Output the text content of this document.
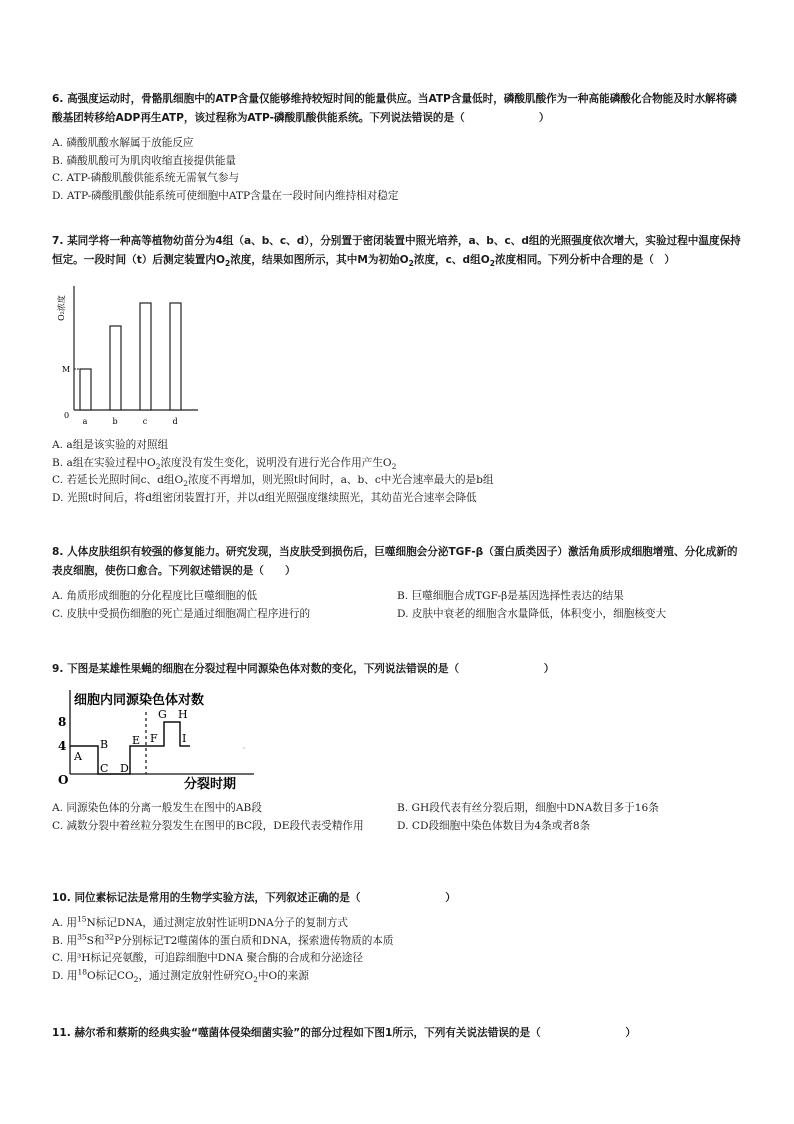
6. 高强度运动时，骨骼肌细胞中的ATP含量仅能够维持较短时间的能量供应。当ATP含量低时，磷酸肌酸作为一种高能磷酸化合物能及时水解将磷酸基团转移给ADP再生ATP，该过程称为ATP-磷酸肌酸供能系统。下列说法错误的是（　　　　　　　）

A. 磷酸肌酸水解属于放能反应

B. 磷酸肌酸可为肌肉收缩直接提供能量

C. ATP-磷酸肌酸供能系统无需氧气参与

D. ATP-磷酸肌酸供能系统可使细胞中ATP含量在一段时间内维持相对稳定

7. 某同学将一种高等植物幼苗分为4组（a、b、c、d），分别置于密闭装置中照光培养，a、b、c、d组的光照强度依次增大，实验过程中温度保持恒定。一段时间（t）后测定装置内$O_2$浓度，结果如图所示，其中M为初始$O_2$浓度，c、d组$O_2$浓度相同。下列分析中合理的是（　）

O₂浓度
0
M
a	b	c	d

A. a组是该实验的对照组

B. a组在实验过程中$O_2$浓度没有发生变化，说明没有进行光合作用产生$O_2$

C. 若延长光照时间c、d组$O_2$浓度不再增加，则光照t时间时，a、b、c中光合速率最大的是b组

D. 光照t时间后，将d组密闭装置打开，并以d组光照强度继续照光，其幼苗光合速率会降低

8. 人体皮肤组织有较强的修复能力。研究发现，当皮肤受到损伤后，巨噬细胞会分泌TGF-β（蛋白质类因子）激活角质形成细胞增殖、分化成新的表皮细胞，使伤口愈合。下列叙述错误的是（　　）

A. 角质形成细胞的分化程度比巨噬细胞的低	B. 巨噬细胞合成TGF-β是基因选择性表达的结果

C. 皮肤中受损伤细胞的死亡是通过细胞凋亡程序进行的	D. 皮肤中衰老的细胞含水量降低，体积变小，细胞核变大

9. 下图是某雄性果蝇的细胞在分裂过程中同源染色体对数的变化，下列说法错误的是（　　　　　　　　）

细胞内同源染色体对数
8
4
O
A
B
C D
E F
G H
I
分裂时期

A. 同源染色体的分离一般发生在图中的AB段	B. GH段代表有丝分裂后期，细胞中DNA数目多于16条

C. 减数分裂中着丝粒分裂发生在图甲的BC段，DE段代表受精作用	D. CD段细胞中染色体数目为4条或者8条

10. 同位素标记法是常用的生物学实验方法，下列叙述正确的是（　　　　　　　　）

A. 用$^{15}$N标记DNA，通过测定放射性证明DNA分子的复制方式

B. 用$^{35}$S和$^{32}$P分别标记T2噬菌体的蛋白质和DNA，探索遗传物质的本质

C. 用³H标记亮氨酸，可追踪细胞中DNA 聚合酶的合成和分泌途径

D. 用$^{18}$O标记$CO_2$，通过测定放射性研究$O_2$中O的来源

11. 赫尔希和蔡斯的经典实验“噬菌体侵染细菌实验”的部分过程如下图1所示，下列有关说法错误的是（　　　　　　　　）
